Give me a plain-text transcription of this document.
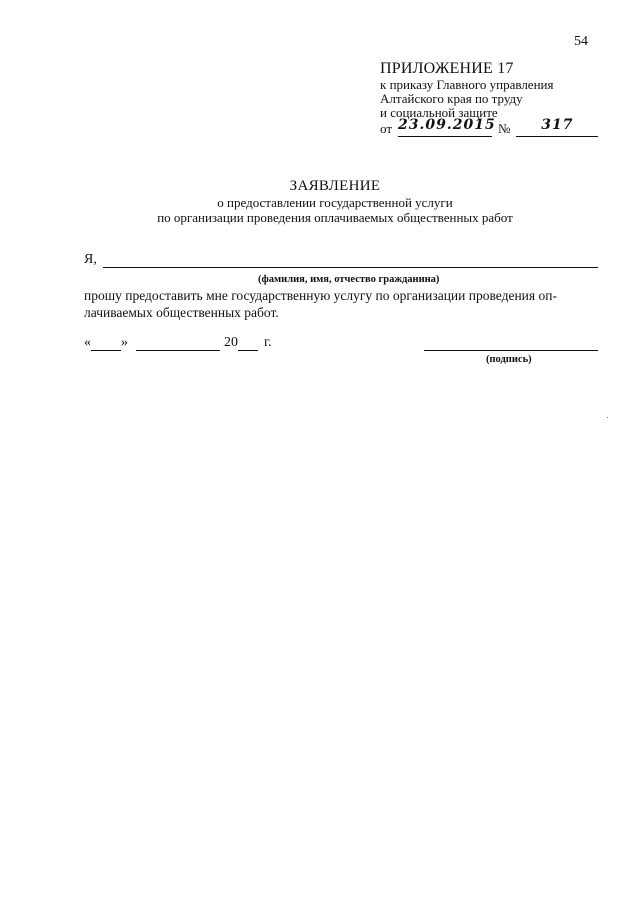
54
ПРИЛОЖЕНИЕ 17
к приказу Главного управления
Алтайского края по труду
и социальной защите
от 23.09.2015 №	317
ЗАЯВЛЕНИЕ
о предоставлении государственной услуги
по организации проведения оплачиваемых общественных работ
Я,
(фамилия, имя, отчество гражданина)
прошу предоставить мне государственную услугу по организации проведения оплачиваемых общественных работ.
« »	20 г.
(подпись)
